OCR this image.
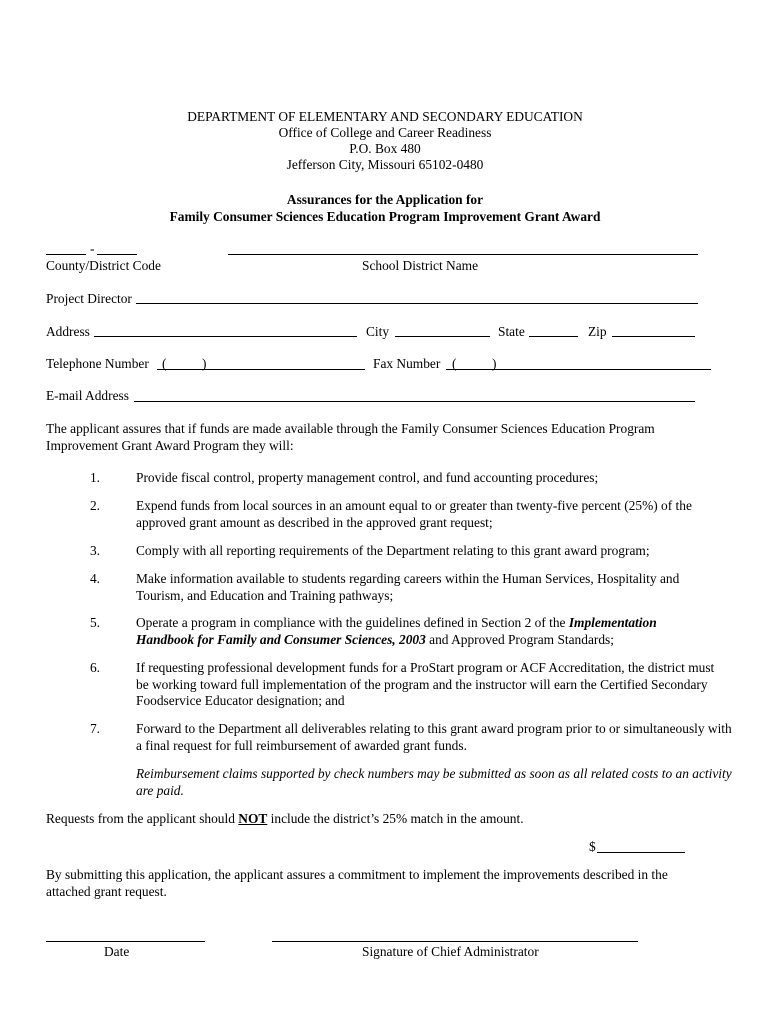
DEPARTMENT OF ELEMENTARY AND SECONDARY EDUCATION
Office of College and Career Readiness
P.O. Box 480
Jefferson City, Missouri 65102-0480
Assurances for the Application for
Family Consumer Sciences Education Program Improvement Grant Award
-
County/District Code	School District Name
Project Director
Address	City	State	Zip
Telephone Number (	)	Fax Number (	)
E-mail Address
The applicant assures that if funds are made available through the Family Consumer Sciences Education Program Improvement Grant Award Program they will:
1.	Provide fiscal control, property management control, and fund accounting procedures;
2.	Expend funds from local sources in an amount equal to or greater than twenty-five percent (25%) of the approved grant amount as described in the approved grant request;
3.	Comply with all reporting requirements of the Department relating to this grant award program;
4.	Make information available to students regarding careers within the Human Services, Hospitality and Tourism, and Education and Training pathways;
5.	Operate a program in compliance with the guidelines defined in Section 2 of the Implementation Handbook for Family and Consumer Sciences, 2003 and Approved Program Standards;
6.	If requesting professional development funds for a ProStart program or ACF Accreditation, the district must be working toward full implementation of the program and the instructor will earn the Certified Secondary Foodservice Educator designation; and
7.	Forward to the Department all deliverables relating to this grant award program prior to or simultaneously with a final request for full reimbursement of awarded grant funds.
Reimbursement claims supported by check numbers may be submitted as soon as all related costs to an activity are paid.
Requests from the applicant should NOT include the district’s 25% match in the amount.
$
By submitting this application, the applicant assures a commitment to implement the improvements described in the attached grant request.
Date	Signature of Chief Administrator
